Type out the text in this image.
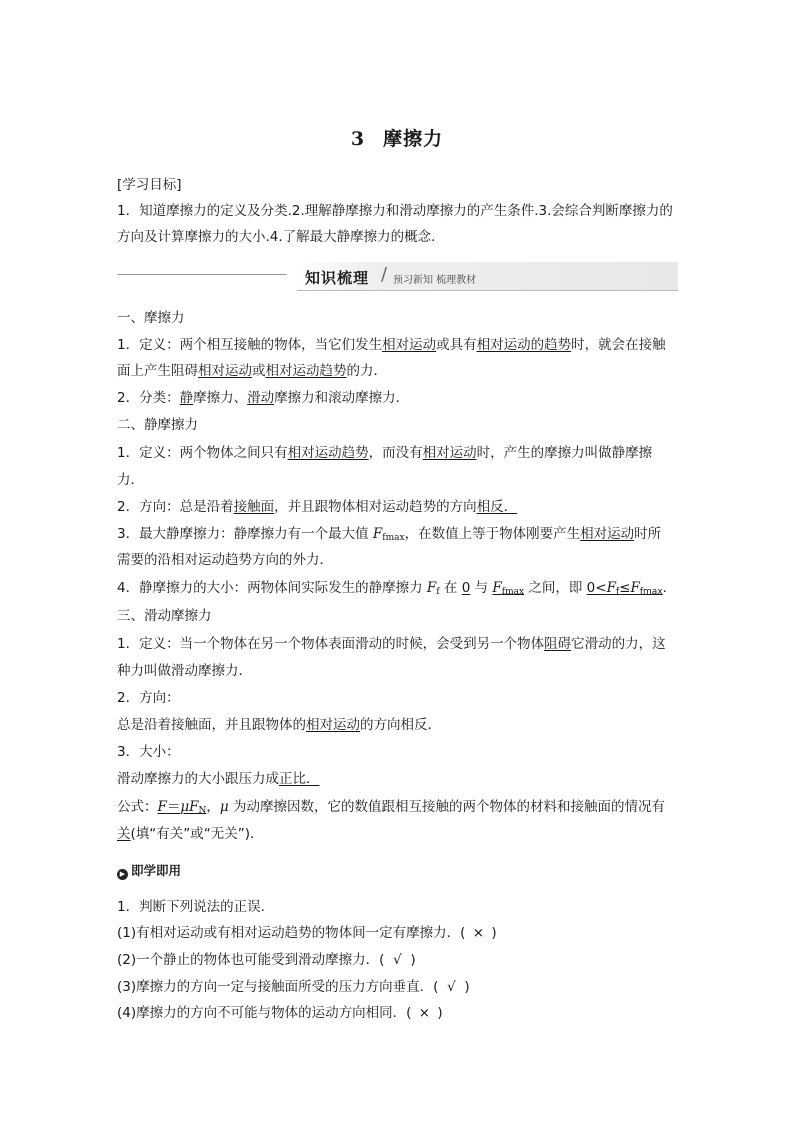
3 摩擦力
[学习目标]
1．知道摩擦力的定义及分类.2.理解静摩擦力和滑动摩擦力的产生条件.3.会综合判断摩擦力的
方向及计算摩擦力的大小.4.了解最大静摩擦力的概念．
知识梳理 / 预习新知 梳理教材
一、摩擦力
1．定义：两个相互接触的物体，当它们发生相对运动或具有相对运动的趋势时，就会在接触
面上产生阻碍相对运动或相对运动趋势的力．
2．分类：静摩擦力、滑动摩擦力和滚动摩擦力．
二、静摩擦力
1．定义：两个物体之间只有相对运动趋势，而没有相对运动时，产生的摩擦力叫做静摩擦
力．
2．方向：总是沿着接触面，并且跟物体相对运动趋势的方向相反．
3．最大静摩擦力：静摩擦力有一个最大值 $F_{fmax}$，在数值上等于物体刚要产生相对运动时所
需要的沿相对运动趋势方向的外力．
4．静摩擦力的大小：两物体间实际发生的静摩擦力 $F_f$ 在 0 与 $F_{fmax}$ 之间，即 $0<F_f\le F_{fmax}$.
三、滑动摩擦力
1．定义：当一个物体在另一个物体表面滑动的时候，会受到另一个物体阻碍它滑动的力，这
种力叫做滑动摩擦力．
2．方向：
总是沿着接触面，并且跟物体的相对运动的方向相反．
3．大小：
滑动摩擦力的大小跟压力成正比．
公式：$F=\mu F_N$，μ 为动摩擦因数，它的数值跟相互接触的两个物体的材料和接触面的情况有
关(填“有关”或“无关”)．
▶ 即学即用
1．判断下列说法的正误．
(1)有相对运动或有相对运动趋势的物体间一定有摩擦力．( × )
(2)一个静止的物体也可能受到滑动摩擦力．( √ )
(3)摩擦力的方向一定与接触面所受的压力方向垂直．( √ )
(4)摩擦力的方向不可能与物体的运动方向相同．( × )
